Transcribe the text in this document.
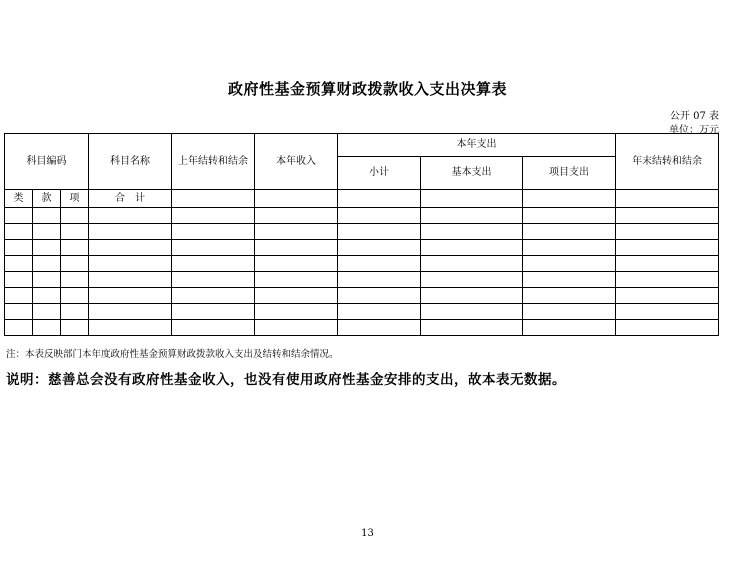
政府性基金预算财政拨款收入支出决算表
公开 07 表
单位：万元
科目编码			科目名称	上年结转和结余	本年收入	本年支出			年末结转和结余
						小计	基本支出	项目支出	
类	款	项	合　计						

注：本表反映部门本年度政府性基金预算财政拨款收入支出及结转和结余情况。
说明：慈善总会没有政府性基金收入，也没有使用政府性基金安排的支出，故本表无数据。
13
